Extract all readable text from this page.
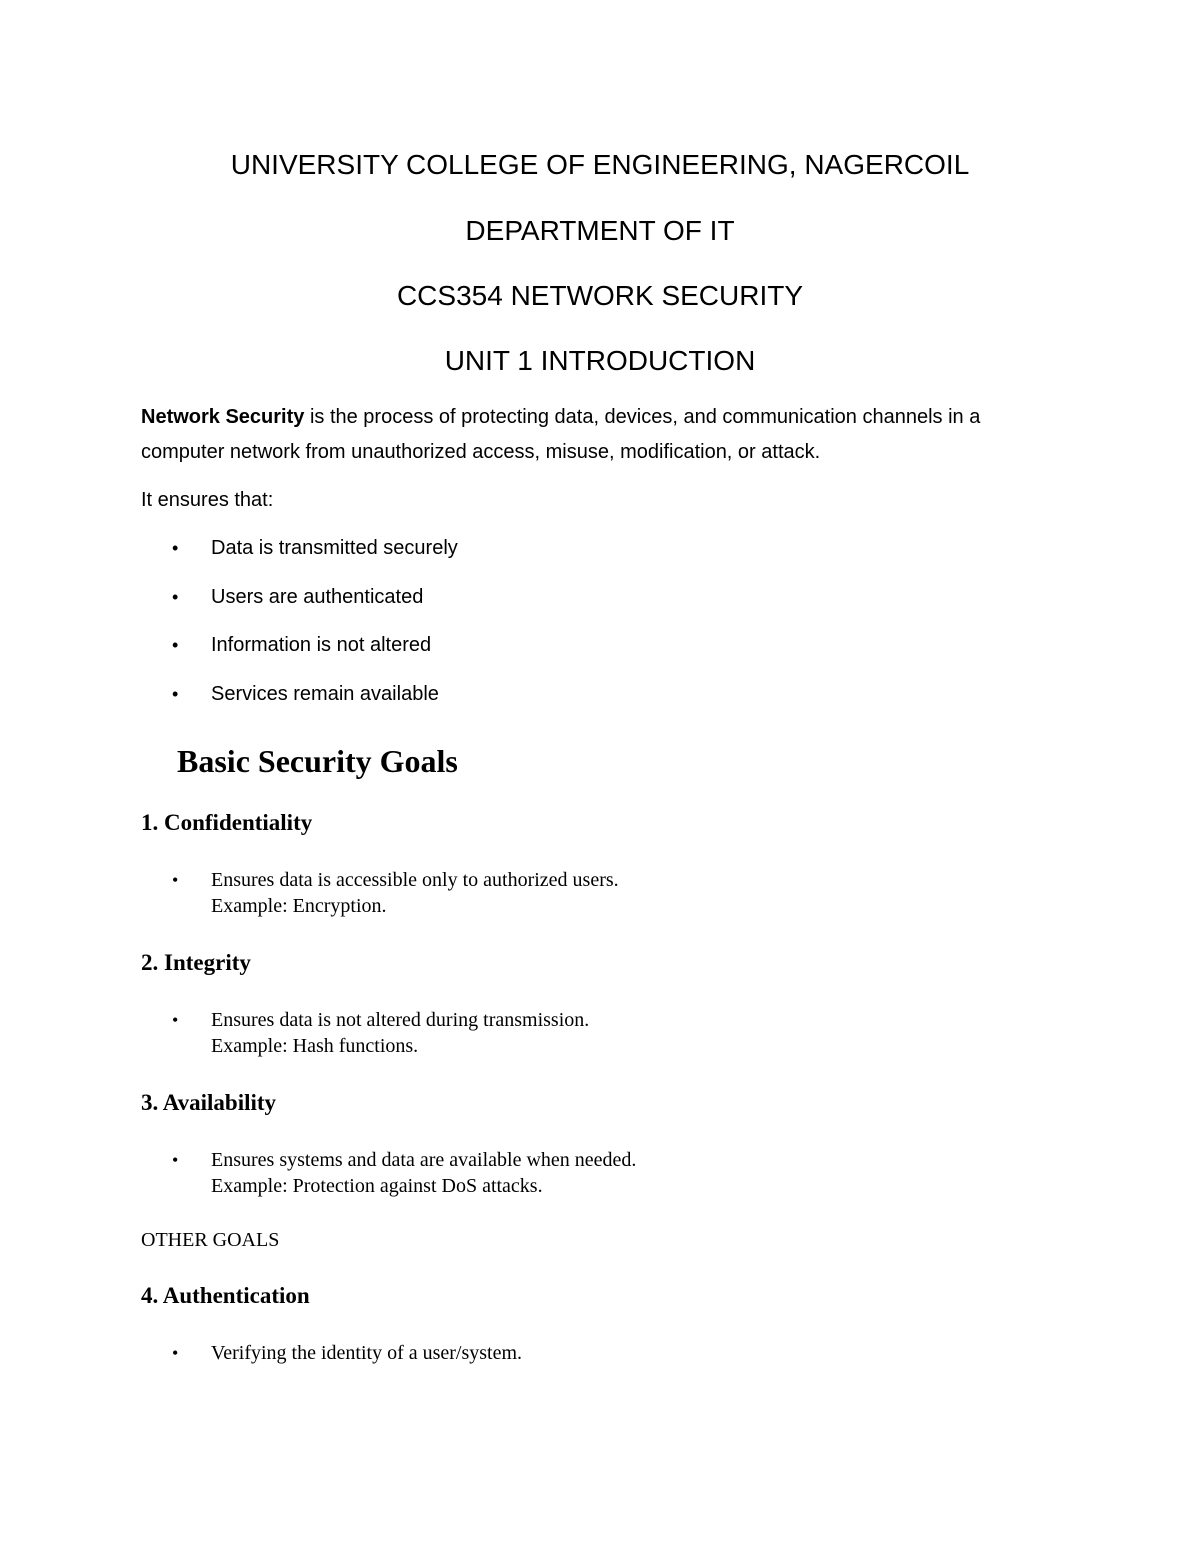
UNIVERSITY COLLEGE OF ENGINEERING, NAGERCOIL
DEPARTMENT OF IT
CCS354 NETWORK SECURITY
UNIT 1 INTRODUCTION
Network Security is the process of protecting data, devices, and communication channels in a
computer network from unauthorized access, misuse, modification, or attack.
It ensures that:
• Data is transmitted securely
• Users are authenticated
• Information is not altered
• Services remain available
Basic Security Goals
1. Confidentiality
• Ensures data is accessible only to authorized users.
Example: Encryption.
2. Integrity
• Ensures data is not altered during transmission.
Example: Hash functions.
3. Availability
• Ensures systems and data are available when needed.
Example: Protection against DoS attacks.
OTHER GOALS
4. Authentication
• Verifying the identity of a user/system.
